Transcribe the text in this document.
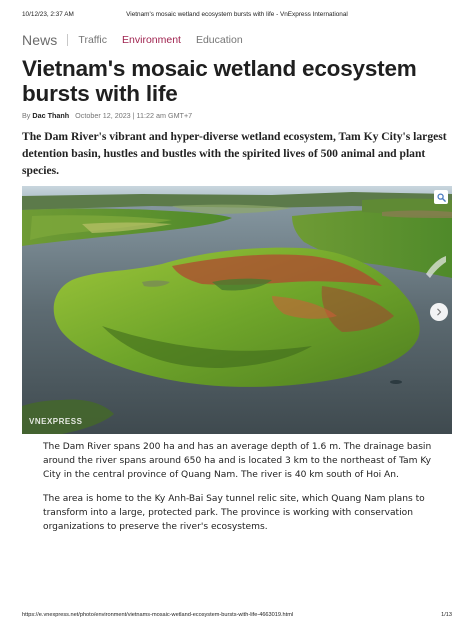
10/12/23, 2:37 AM	Vietnam's mosaic wetland ecosystem bursts with life - VnExpress International
News Traffic Environment Education
Vietnam's mosaic wetland ecosystem bursts with life
By Dac Thanh October 12, 2023 | 11:22 am GMT+7

The Dam River's vibrant and hyper-diverse wetland ecosystem, Tam Ky City's largest detention basin, hustles and bustles with the spirited lives of 500 animal and plant species.

VNEXPRESS

The Dam River spans 200 ha and has an average depth of 1.6 m. The drainage basin around the river spans around 650 ha and is located 3 km to the northeast of Tam Ky City in the central province of Quang Nam. The river is 40 km south of Hoi An.

The area is home to the Ky Anh-Bai Say tunnel relic site, which Quang Nam plans to transform into a large, protected park. The province is working with conservation organizations to preserve the river's ecosystems.

https://e.vnexpress.net/photo/environment/vietnams-mosaic-wetland-ecosystem-bursts-with-life-4663019.html	1/13
